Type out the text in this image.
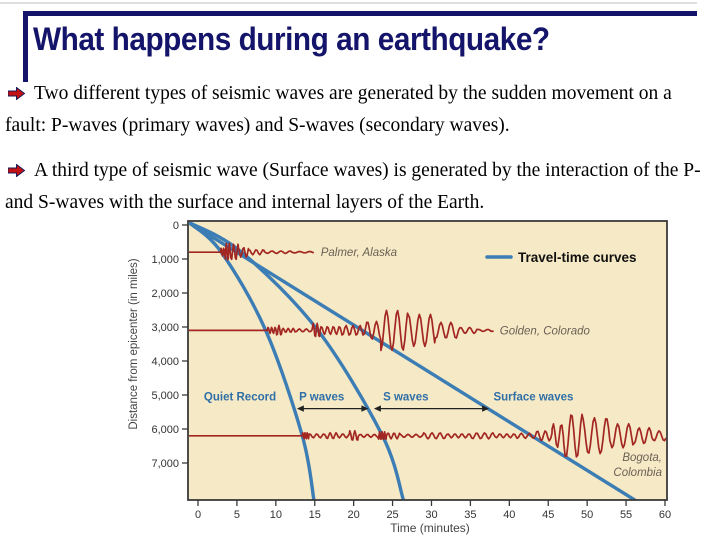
What happens during an earthquake?

Two different types of seismic waves are generated by the sudden movement on a fault: P-waves (primary waves) and S-waves (secondary waves).

A third type of seismic wave (Surface waves) is generated by the interaction of the P- and S-waves with the surface and internal layers of the Earth.

0	5	10 15 20 25 30 35 40 45 50 55 60
0
1,000
2,000
3,000
4,000
5,000
6,000
7,000
Time (minutes)
Distance from epicenter (in miles)
Palmer, Alaska
Golden, Colorado
Bogota,
Colombia
Quiet Record P waves	S waves	Surface waves
Travel-time curves
